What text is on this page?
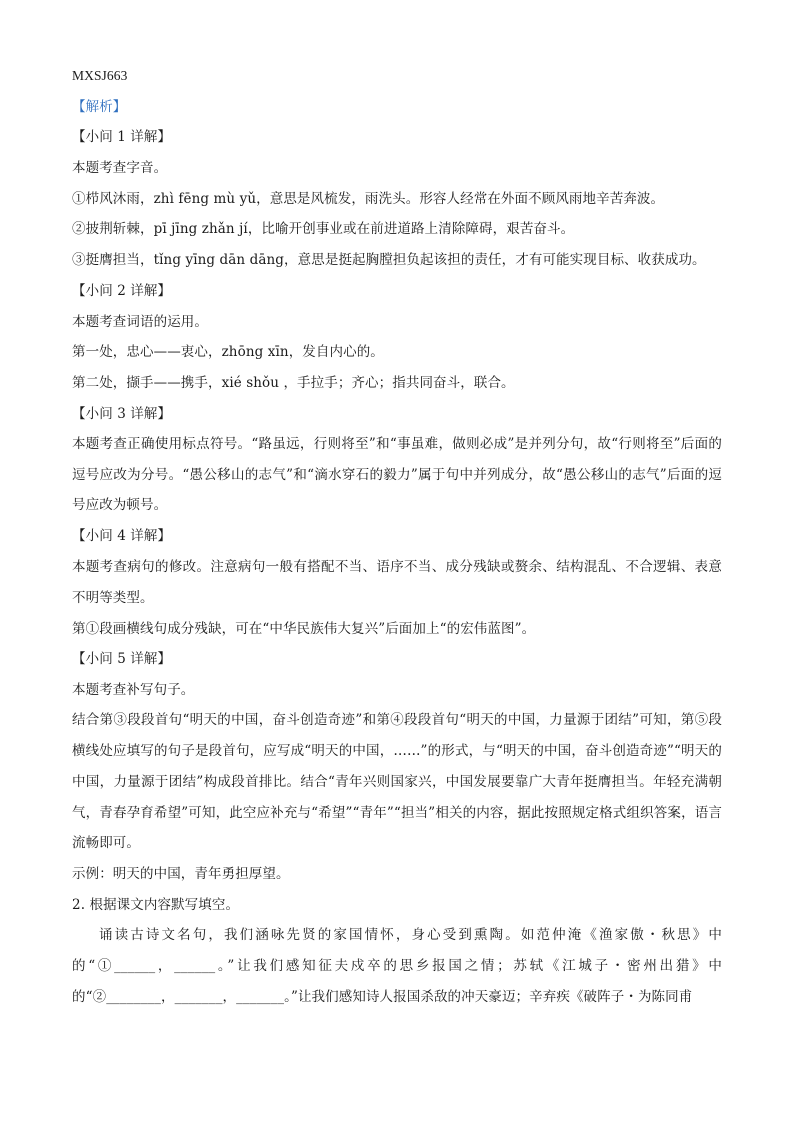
MXSJ663
【解析】
【小问 1 详解】
本题考查字音。
①栉风沐雨，zhì fēng mù yǔ，意思是风梳发，雨洗头。形容人经常在外面不顾风雨地辛苦奔波。
②披荆斩棘，pī jīng zhǎn jí，比喻开创事业或在前进道路上清除障碍，艰苦奋斗。
③挺膺担当，tǐng yīng dān dāng，意思是挺起胸膛担负起该担的责任，才有可能实现目标、收获成功。
【小问 2 详解】
本题考查词语的运用。
第一处，忠心——衷心，zhōng xīn，发自内心的。
第二处，撷手——携手，xié shǒu ，手拉手；齐心；指共同奋斗，联合。
【小问 3 详解】
本题考查正确使用标点符号。“路虽远，行则将至”和“事虽难，做则必成”是并列分句，故“行则将至”后面的逗号应改为分号。“愚公移山的志气”和“滴水穿石的毅力”属于句中并列成分，故“愚公移山的志气”后面的逗号应改为顿号。
【小问 4 详解】
本题考查病句的修改。注意病句一般有搭配不当、语序不当、成分残缺或赘余、结构混乱、不合逻辑、表意不明等类型。
第①段画横线句成分残缺，可在“中华民族伟大复兴”后面加上“的宏伟蓝图”。
【小问 5 详解】
本题考查补写句子。
结合第③段段首句“明天的中国，奋斗创造奇迹”和第④段段首句“明天的中国，力量源于团结”可知，第⑤段横线处应填写的句子是段首句，应写成“明天的中国，……”的形式，与“明天的中国，奋斗创造奇迹”“明天的中国，力量源于团结”构成段首排比。结合“青年兴则国家兴，中国发展要靠广大青年挺膺担当。年轻充满朝气，青春孕育希望”可知，此空应补充与“希望”“青年”“担当”相关的内容，据此按照规定格式组织答案，语言流畅即可。
示例：明天的中国，青年勇担厚望。
2. 根据课文内容默写填空。
诵读古诗文名句，我们涵咏先贤的家国情怀，身心受到熏陶。如范仲淹《渔家傲・秋思》中的“①______，______。”让我们感知征夫戍卒的思乡报国之情；苏轼《江城子・密州出猎》中的“②________，_______，_______。”让我们感知诗人报国杀敌的冲天豪迈；辛弃疾《破阵子・为陈同甫
